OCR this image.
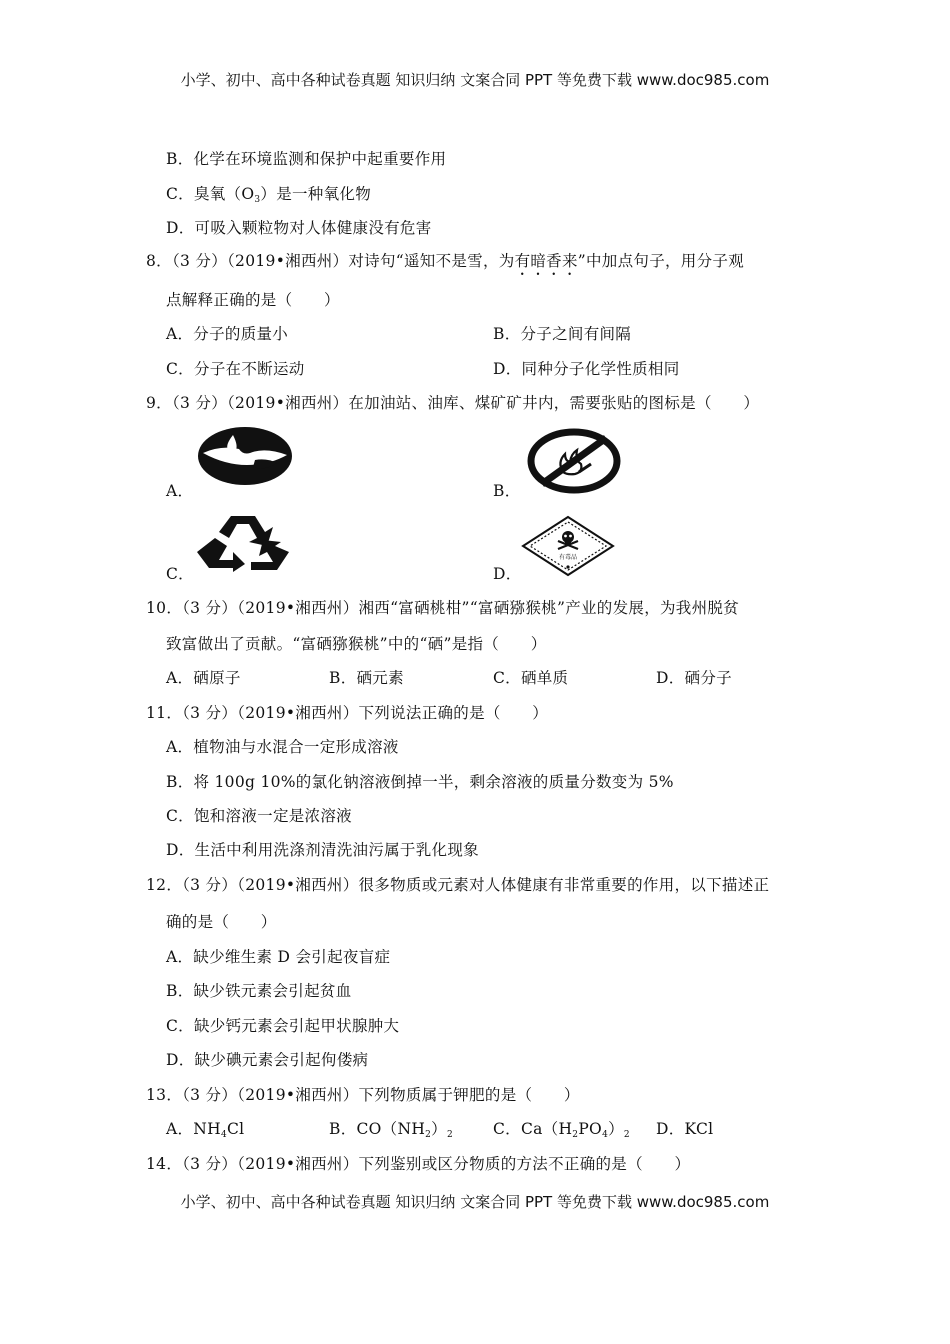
小学、初中、高中各种试卷真题 知识归纳 文案合同 PPT 等免费下载 www.doc985.com
B．化学在环境监测和保护中起重要作用
C．臭氧$(O_3)$是一种氧化物
D．可吸入颗粒物对人体健康没有危害
8．（3 分）（2019•湘西州）对诗句“遥知不是雪，为有暗香来”中加点句子，用分子观
点解释正确的是（　　）
A．分子的质量小	B．分子之间有间隔
C．分子在不断运动	D．同种分子化学性质相同
9．（3 分）（2019•湘西州）在加油站、油库、煤矿矿井内，需要张贴的图标是（　　）
A．	B．
C．	D．
有毒品
10．（3 分）（2019•湘西州）湘西“富硒桃柑”“富硒猕猴桃”产业的发展，为我州脱贫
致富做出了贡献。“富硒猕猴桃”中的“硒”是指（　　）
A．硒原子	B．硒元素	C．硒单质	D．硒分子
11．（3 分）（2019•湘西州）下列说法正确的是（　　）
A．植物油与水混合一定形成溶液
B．将 100g 10%的氯化钠溶液倒掉一半，剩余溶液的质量分数变为 5%
C．饱和溶液一定是浓溶液
D．生活中利用洗涤剂清洗油污属于乳化现象
12．（3 分）（2019•湘西州）很多物质或元素对人体健康有非常重要的作用，以下描述正
确的是（　　）
A．缺少维生素 D 会引起夜盲症
B．缺少铁元素会引起贫血
C．缺少钙元素会引起甲状腺肿大
D．缺少碘元素会引起佝偻病
13．（3 分）（2019•湘西州）下列物质属于钾肥的是（　　）
A．$NH_4Cl$	B．$CO(NH_2)_2$	C．$Ca(H_2PO_4)_2$ D．KCl
14．（3 分）（2019•湘西州）下列鉴别或区分物质的方法不正确的是（　　）
小学、初中、高中各种试卷真题 知识归纳 文案合同 PPT 等免费下载 www.doc985.com
